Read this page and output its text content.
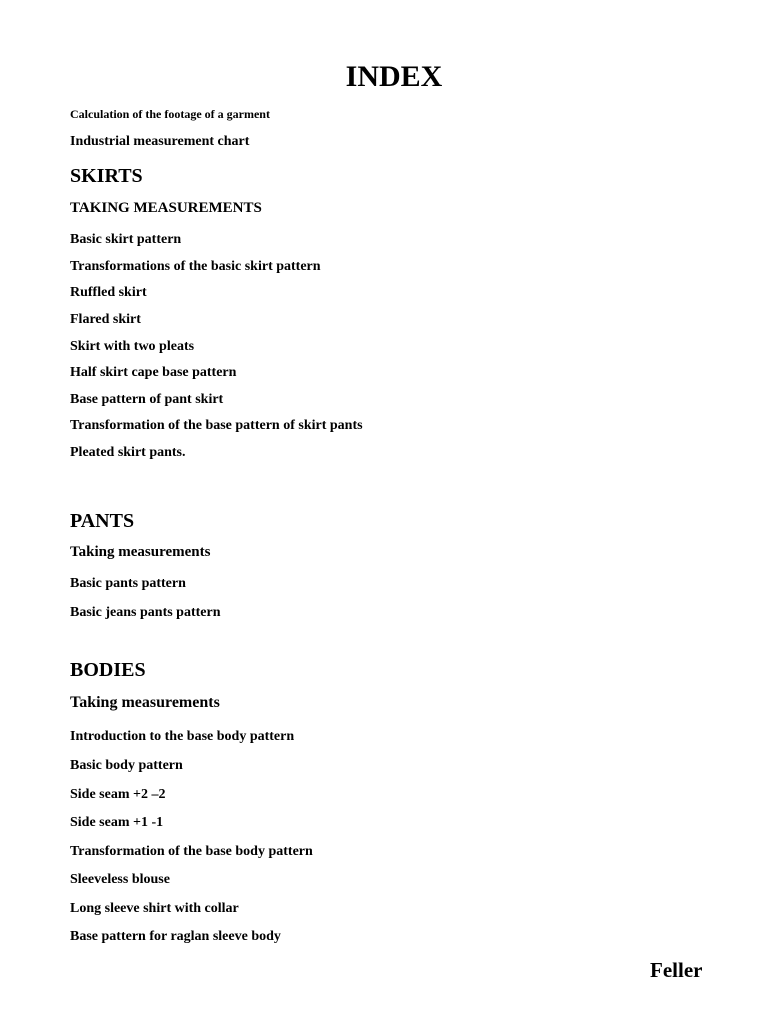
INDEX

Calculation of the footage of a garment

Industrial measurement chart

SKIRTS

TAKING MEASUREMENTS

Basic skirt pattern

Transformations of the basic skirt pattern

Ruffled skirt

Flared skirt

Skirt with two pleats

Half skirt cape base pattern

Base pattern of pant skirt

Transformation of the base pattern of skirt pants

Pleated skirt pants.

PANTS

Taking measurements

Basic pants pattern

Basic jeans pants pattern

BODIES

Taking measurements

Introduction to the base body pattern

Basic body pattern

Side seam +2 –2

Side seam +1 -1

Transformation of the base body pattern

Sleeveless blouse

Long sleeve shirt with collar

Base pattern for raglan sleeve body

Feller
